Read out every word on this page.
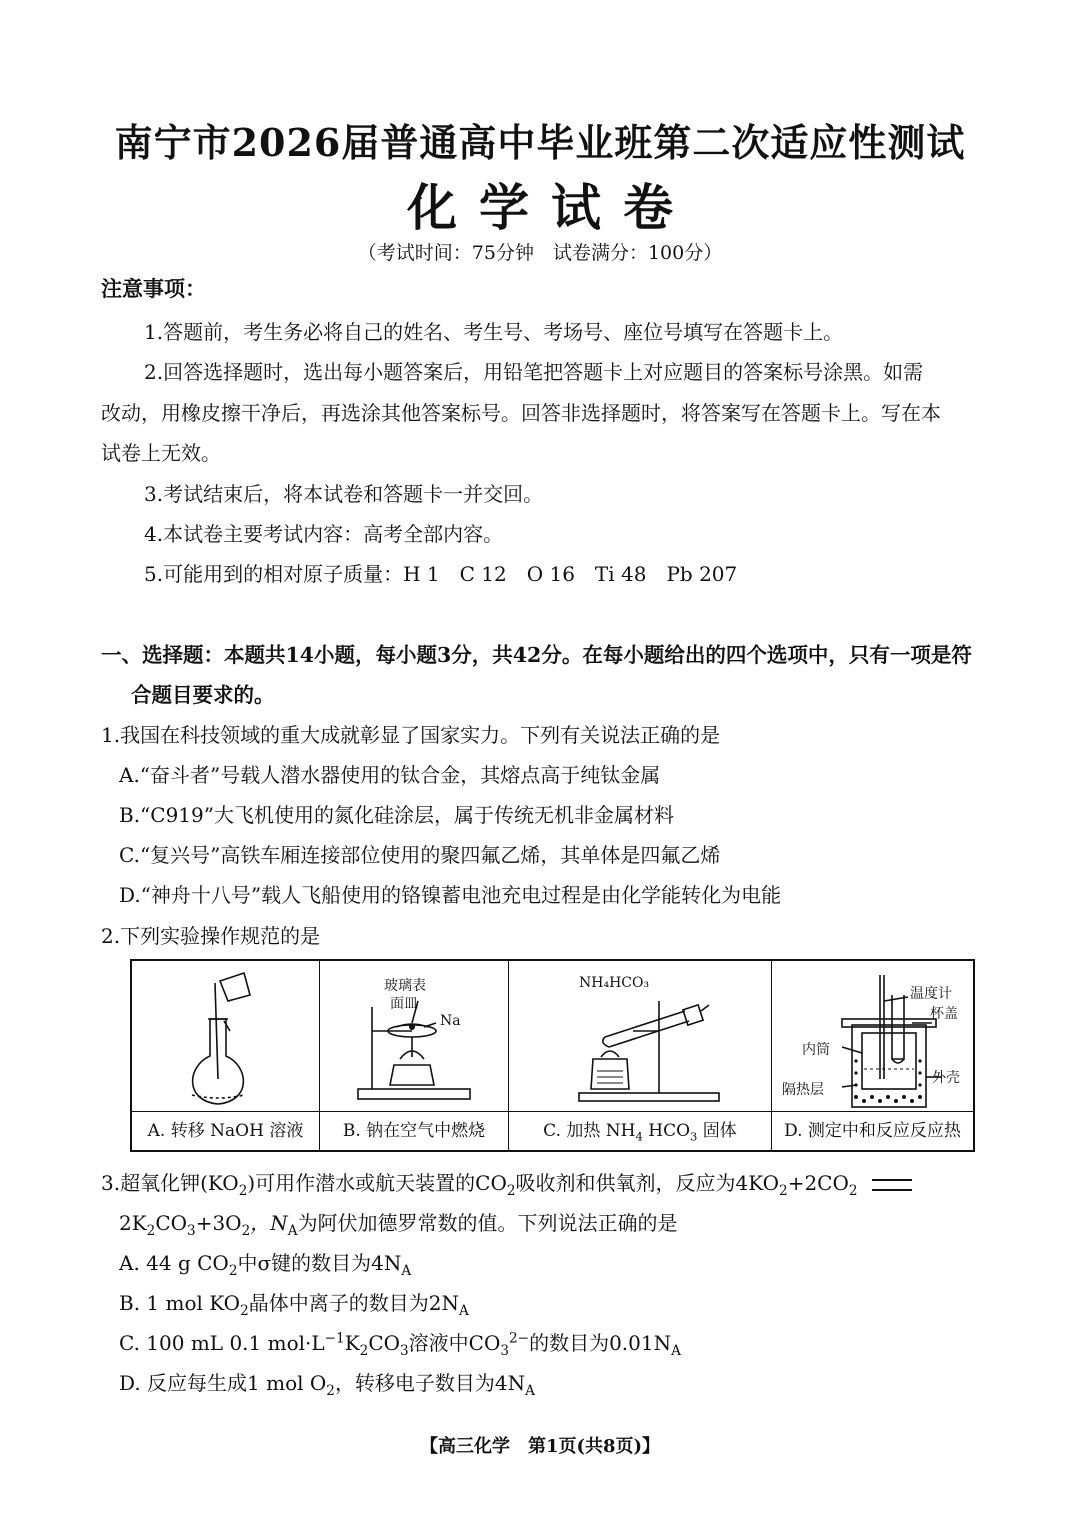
南宁市2026届普通高中毕业班第二次适应性测试
化学试卷
（考试时间：75分钟　试卷满分：100分）
注意事项：
1.答题前，考生务必将自己的姓名、考生号、考场号、座位号填写在答题卡上。
2.回答选择题时，选出每小题答案后，用铅笔把答题卡上对应题目的答案标号涂黑。如需
改动，用橡皮擦干净后，再选涂其他答案标号。回答非选择题时，将答案写在答题卡上。写在本
试卷上无效。
3.考试结束后，将本试卷和答题卡一并交回。
4.本试卷主要考试内容：高考全部内容。
5.可能用到的相对原子质量：H 1　C 12　O 16　Ti 48　Pb 207
一、选择题：本题共14小题，每小题3分，共42分。在每小题给出的四个选项中，只有一项是符
合题目要求的。
1.我国在科技领域的重大成就彰显了国家实力。下列有关说法正确的是
A.“奋斗者”号载人潜水器使用的钛合金，其熔点高于纯钛金属
B.“C919”大飞机使用的氮化硅涂层，属于传统无机非金属材料
C.“复兴号”高铁车厢连接部位使用的聚四氟乙烯，其单体是四氟乙烯
D.“神舟十八号”载人飞船使用的铬镍蓄电池充电过程是由化学能转化为电能
2.下列实验操作规范的是
A. 转移 NaOH 溶液
玻璃表
面皿
Na
B. 钠在空气中燃烧
NH₄HCO₃
C. 加热 $NH_4$ $HCO_3$ 固体
温度计
杯盖
内筒
外壳
隔热层
D. 测定中和反应反应热
3.超氧化钾$(KO_2)$可用作潜水或航天装置的$CO_2$吸收剂和供氧剂，反应为$4KO_2+2CO_2$
$2K_2CO_3+3O_2$，$N_A$为阿伏加德罗常数的值。下列说法正确的是
A. 44 g $CO_2$中σ键的数目为$4N_A$
B. 1 mol $KO_2$晶体中离子的数目为$2N_A$
C. 100 mL 0.1 $mol\cdot L^{-1}K_2CO_3$溶液中$CO_3^{2-}$的数目为$0.01N_A$
D. 反应每生成1 mol $O_2$，转移电子数目为$4N_A$
【高三化学　第1页(共8页)】
